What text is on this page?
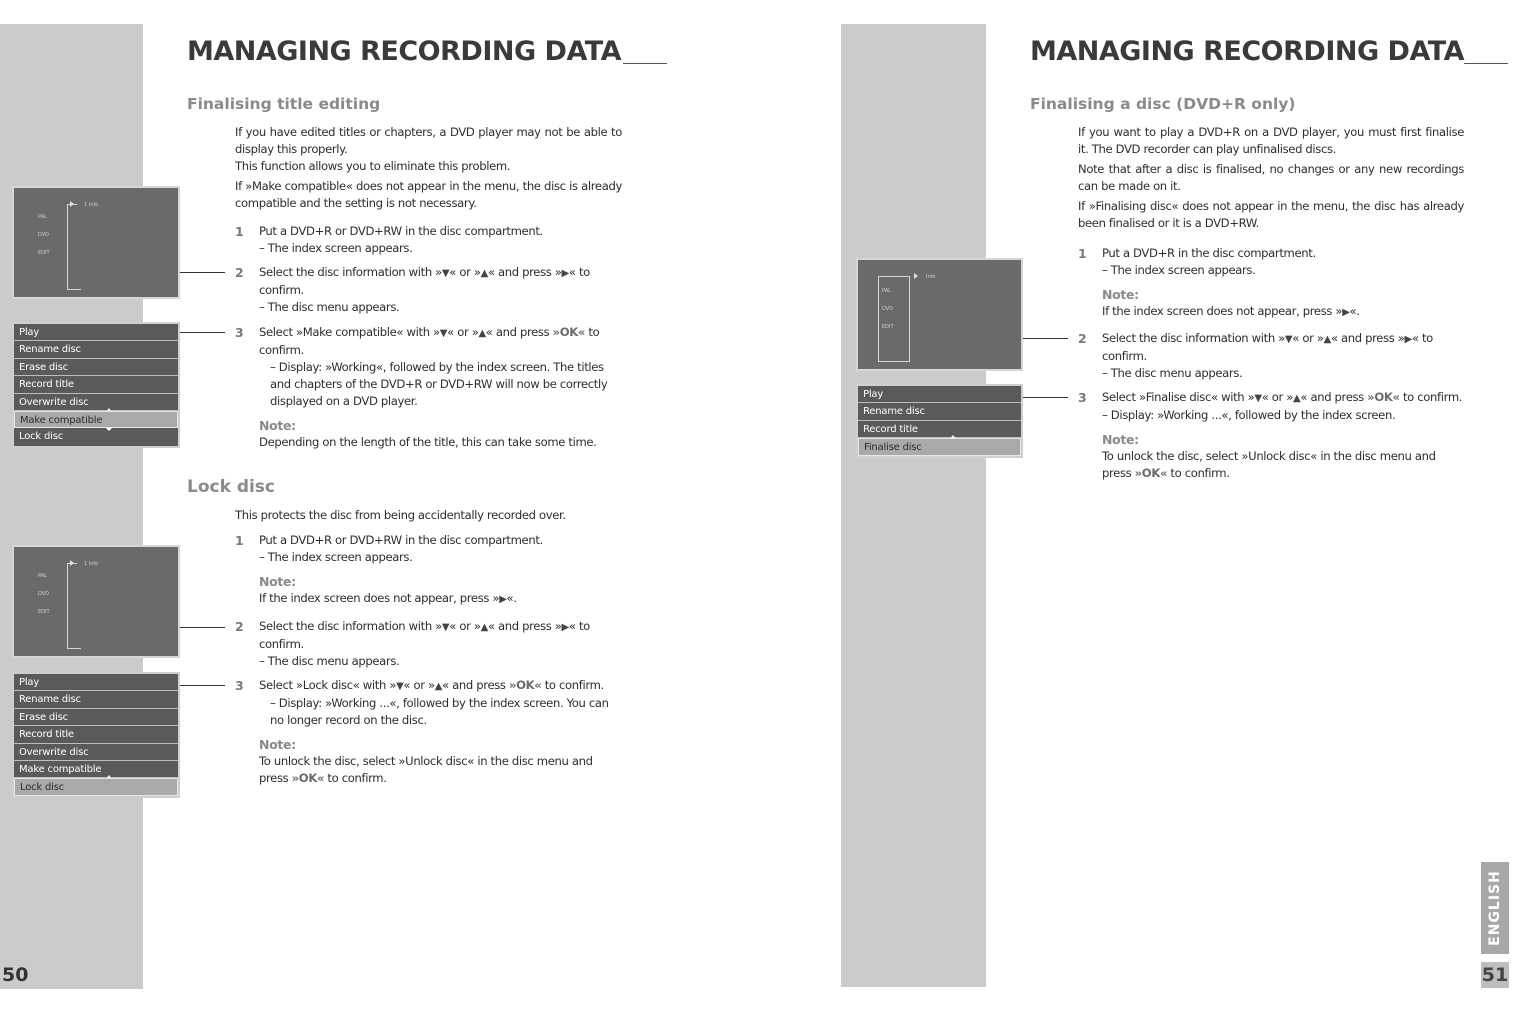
MANAGING RECORDING DATA
Finalising title editing

If you have edited titles or chapters, a DVD player may not be able to display this properly.

This function allows you to eliminate this problem.

If »Make compatible« does not appear in the menu, the disc is already compatible and the setting is not necessary.

1 Put a DVD+R or DVD+RW in the disc compartment.
– The index screen appears.
2 Select the disc information with »▼« or »▲« and press »▶« to confirm.
– The disc menu appears.
3 Select »Make compatible« with »▼« or »▲« and press »OK« to confirm.
– Display: »Working«, followed by the index screen. The titles and chapters of the DVD+R or DVD+RW will now be correctly displayed on a DVD player.
Note:
Depending on the length of the title, this can take some time.
1 Info
PAL
DVD
EDIT
Play
Rename disc
Erase disc
Record title
Overwrite disc
Make compatible
Lock disc
Lock disc
This protects the disc from being accidentally recorded over.
1 Put a DVD+R or DVD+RW in the disc compartment.
– The index screen appears.
Note:
If the index screen does not appear, press »▶«.
2 Select the disc information with »▼« or »▲« and press »▶« to confirm.
– The disc menu appears.
3 Select »Lock disc« with »▼« or »▲« and press »OK« to confirm.
– Display: »Working ...«, followed by the index screen. You can no longer record on the disc.
Note:
To unlock the disc, select »Unlock disc« in the disc menu and press »OK« to confirm.
1 Info
PAL
DVD
EDIT
Play
Rename disc
Erase disc
Record title
Overwrite disc
Make compatible
Lock disc
50
MANAGING RECORDING DATA
Finalising a disc (DVD+R only)

If you want to play a DVD+R on a DVD player, you must first finalise it. The DVD recorder can play unfinalised discs.

Note that after a disc is finalised, no changes or any new recordings can be made on it.

If »Finalising disc« does not appear in the menu, the disc has already been finalised or it is a DVD+RW.

1 Put a DVD+R in the disc compartment.
– The index screen appears.
Note:
If the index screen does not appear, press »▶«.
2 Select the disc information with »▼« or »▲« and press »▶« to confirm.
– The disc menu appears.
3 Select »Finalise disc« with »▼« or »▲« and press »OK« to confirm.
– Display: »Working ...«, followed by the index screen.
Note:
To unlock the disc, select »Unlock disc« in the disc menu and press »OK« to confirm.
Info
PAL
DVD
EDIT
Play
Rename disc
Record title
Finalise disc
ENGLISH
51
